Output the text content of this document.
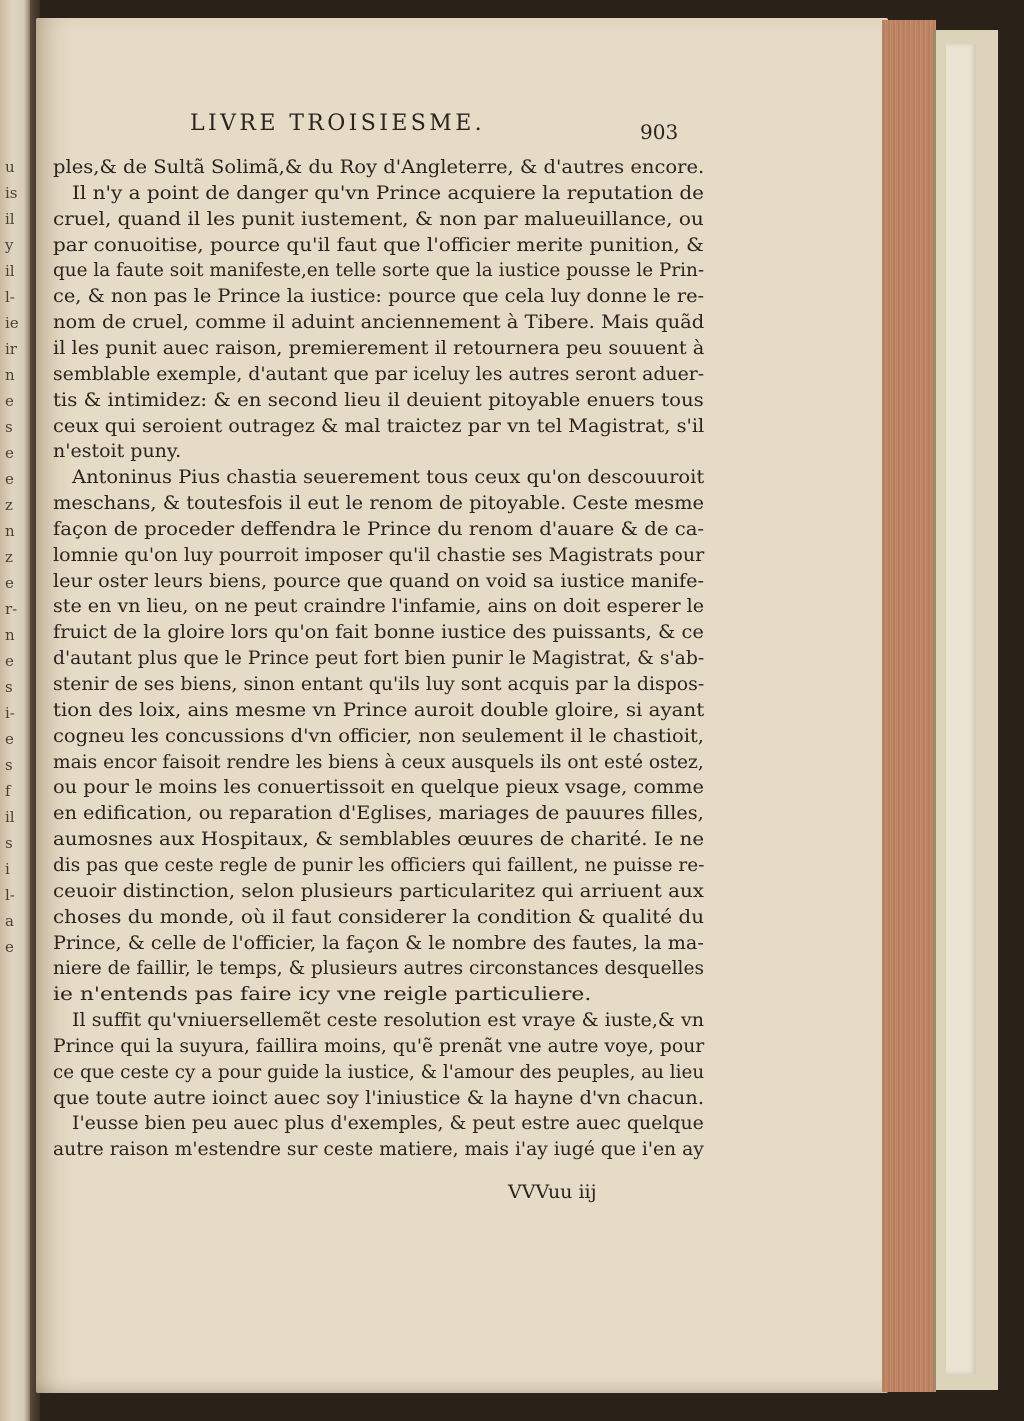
u
is
il
y
il
l-
ie
ir
n
e
s
e
e
z
n
z
e
r-
n
e
s
i-
e
s
f
il
s
i
l-
a
e
LIVRE TROISIESME.	903
ples,& de Sultã Solimã,& du Roy d'Angleterre, & d'autres encore.
Il n'y a point de danger qu'vn Prince acquiere la reputation de
cruel, quand il les punit iustement, & non par malueuillance, ou
par conuoitise, pource qu'il faut que l'officier merite punition, &
que la faute soit manifeste,en telle sorte que la iustice pousse le Prin-
ce, & non pas le Prince la iustice: pource que cela luy donne le re-
nom de cruel, comme il aduint anciennement à Tibere. Mais quãd
il les punit auec raison, premierement il retournera peu souuent à
semblable exemple, d'autant que par iceluy les autres seront aduer-
tis & intimidez: & en second lieu il deuient pitoyable enuers tous
ceux qui seroient outragez & mal traictez par vn tel Magistrat, s'il
n'estoit puny.
Antoninus Pius chastia seuerement tous ceux qu'on descouuroit
meschans, & toutesfois il eut le renom de pitoyable. Ceste mesme
façon de proceder deffendra le Prince du renom d'auare & de ca-
lomnie qu'on luy pourroit imposer qu'il chastie ses Magistrats pour
leur oster leurs biens, pource que quand on void sa iustice manife-
ste en vn lieu, on ne peut craindre l'infamie, ains on doit esperer le
fruict de la gloire lors qu'on fait bonne iustice des puissants, & ce
d'autant plus que le Prince peut fort bien punir le Magistrat, & s'ab-
stenir de ses biens, sinon entant qu'ils luy sont acquis par la dispos-
tion des loix, ains mesme vn Prince auroit double gloire, si ayant
cogneu les concussions d'vn officier, non seulement il le chastioit,
mais encor faisoit rendre les biens à ceux ausquels ils ont esté ostez,
ou pour le moins les conuertissoit en quelque pieux vsage, comme
en edification, ou reparation d'Eglises, mariages de pauures filles,
aumosnes aux Hospitaux, & semblables œuures de charité. Ie ne
dis pas que ceste regle de punir les officiers qui faillent, ne puisse re-
ceuoir distinction, selon plusieurs particularitez qui arriuent aux
choses du monde, où il faut considerer la condition & qualité du
Prince, & celle de l'officier, la façon & le nombre des fautes, la ma-
niere de faillir, le temps, & plusieurs autres circonstances desquelles
ie n'entends pas faire icy vne reigle particuliere.
Il suffit qu'vniuersellemẽt ceste resolution est vraye & iuste,& vn
Prince qui la suyura, faillira moins, qu'ẽ prenãt vne autre voye, pour
ce que ceste cy a pour guide la iustice, & l'amour des peuples, au lieu
que toute autre ioinct auec soy l'iniustice & la hayne d'vn chacun.
I'eusse bien peu auec plus d'exemples, & peut estre auec quelque
autre raison m'estendre sur ceste matiere, mais i'ay iugé que i'en ay
VVVuu iij
